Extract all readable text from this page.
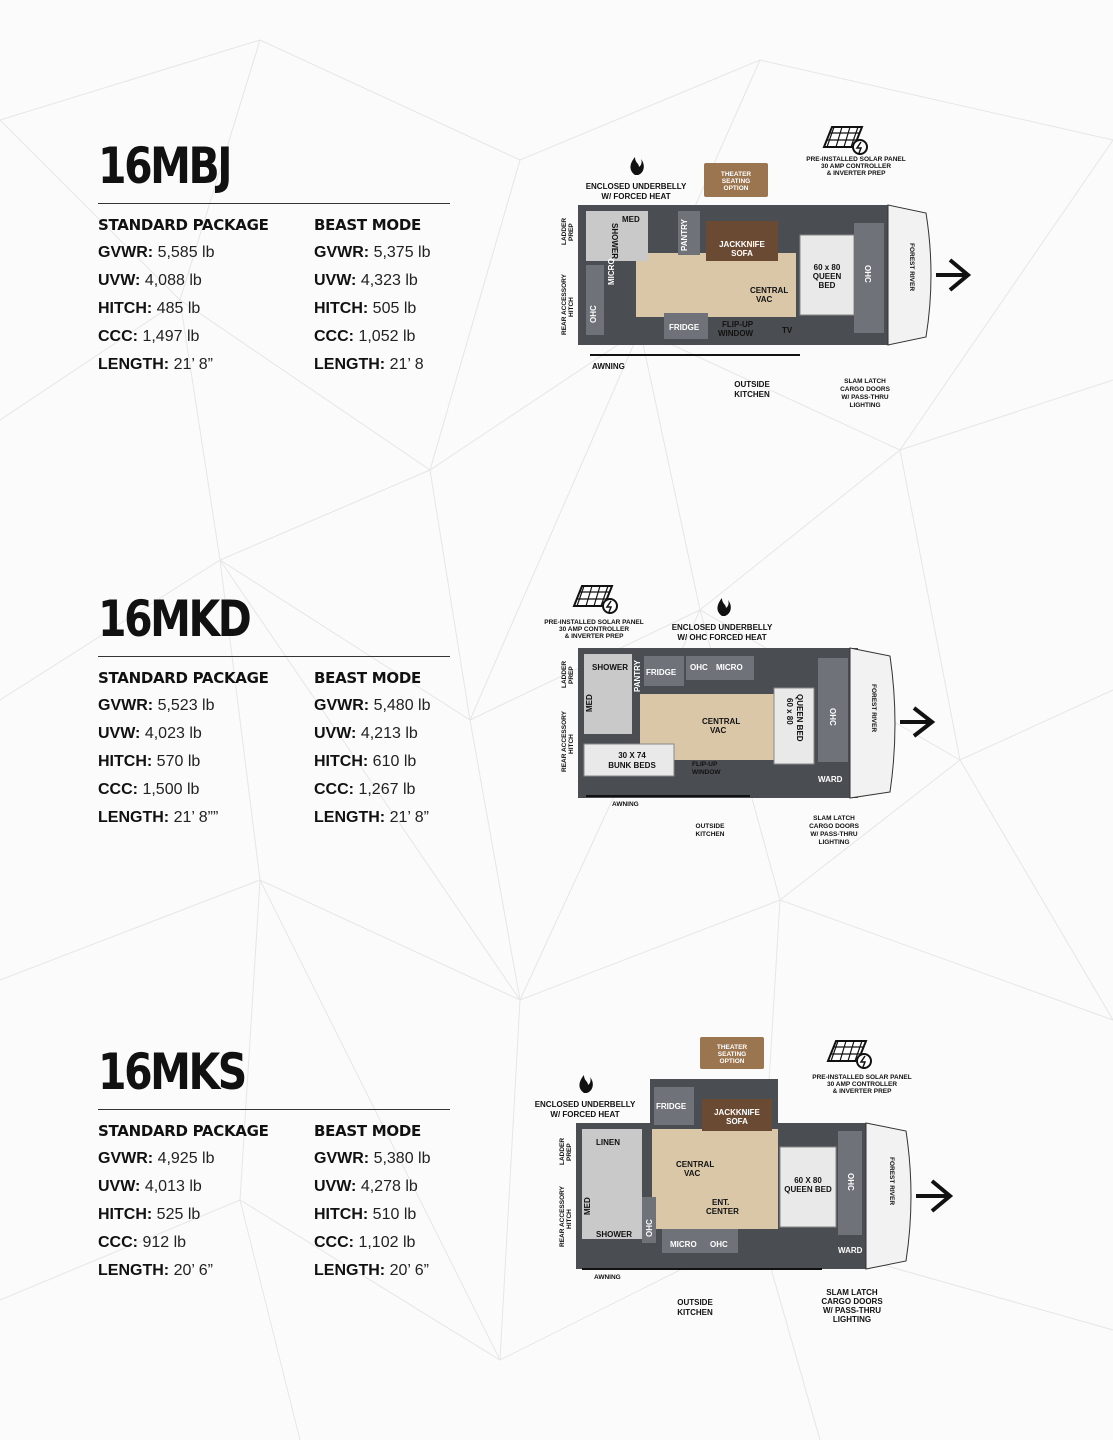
16MBJ
STANDARD PACKAGE
GVWR: 5,585 lb
UVW: 4,088 lb
HITCH: 485 lb
CCC: 1,497 lb
LENGTH: 21’ 8”
BEAST MODE
GVWR: 5,375 lb
UVW: 4,323 lb
HITCH: 505 lb
CCC: 1,052 lb
LENGTH: 21’ 8
PRE-INSTALLED SOLAR PANEL
30 AMP CONTROLLER
& INVERTER PREP
ENCLOSED UNDERBELLY
W/ FORCED HEAT
THEATER
SEATING
OPTION
SHOWER
MED	PANTRY	JACKKNIFE
SOFA
60 x 80
QUEEN
BED
OHC	FOREST RIVER
OHC
MICRO
CENTRAL
VAC
FRIDGE	FLIP-UP
WINDOW	TV
LADDER PREP
REAR ACCESSORY HITCH
AWNING
OUTSIDE
KITCHEN
SLAM LATCH
CARGO DOORS
W/ PASS-THRU
LIGHTING
16MKD
STANDARD PACKAGE
GVWR: 5,523 lb
UVW: 4,023 lb
HITCH: 570 lb
CCC: 1,500 lb
LENGTH: 21’ 8””
BEAST MODE
GVWR: 5,480 lb
UVW: 4,213 lb
HITCH: 610 lb
CCC: 1,267 lb
LENGTH: 21’ 8”
PRE-INSTALLED SOLAR PANEL
30 AMP CONTROLLER
& INVERTER PREP
ENCLOSED UNDERBELLY
W/ OHC FORCED HEAT
SHOWER
MED
PANTRY FRIDGE
OHC MICRO
CENTRAL
VAC
60 x 80 QUEEN BED	OHC
WARD
FOREST RIVER
30 X 74
BUNK BEDS	FLIP-UP
WINDOW
LADDER PREP
REAR ACCESSORY HITCH
AWNING
OUTSIDE
KITCHEN
SLAM LATCH
CARGO DOORS
W/ PASS-THRU
LIGHTING
16MKS
STANDARD PACKAGE
GVWR: 4,925 lb
UVW: 4,013 lb
HITCH: 525 lb
CCC: 912 lb
LENGTH: 20’ 6”
BEAST MODE
GVWR: 5,380 lb
UVW: 4,278 lb
HITCH: 510 lb
CCC: 1,102 lb
LENGTH: 20’ 6”
THEATER
SEATING
OPTION
PRE-INSTALLED SOLAR PANEL
30 AMP CONTROLLER
& INVERTER PREP
ENCLOSED UNDERBELLY
W/ FORCED HEAT
FRIDGE
JACKKNIFE
SOFA
LINEN
MED
SHOWER OHC
CENTRAL
VAC
ENT.
CENTER
MICRO OHC
60 X 80
QUEEN BED OHC
WARD
FOREST RIVER
LADDER PREP
REAR ACCESSORY HITCH
AWNING
OUTSIDE
KITCHEN
SLAM LATCH
CARGO DOORS
W/ PASS-THRU
LIGHTING
